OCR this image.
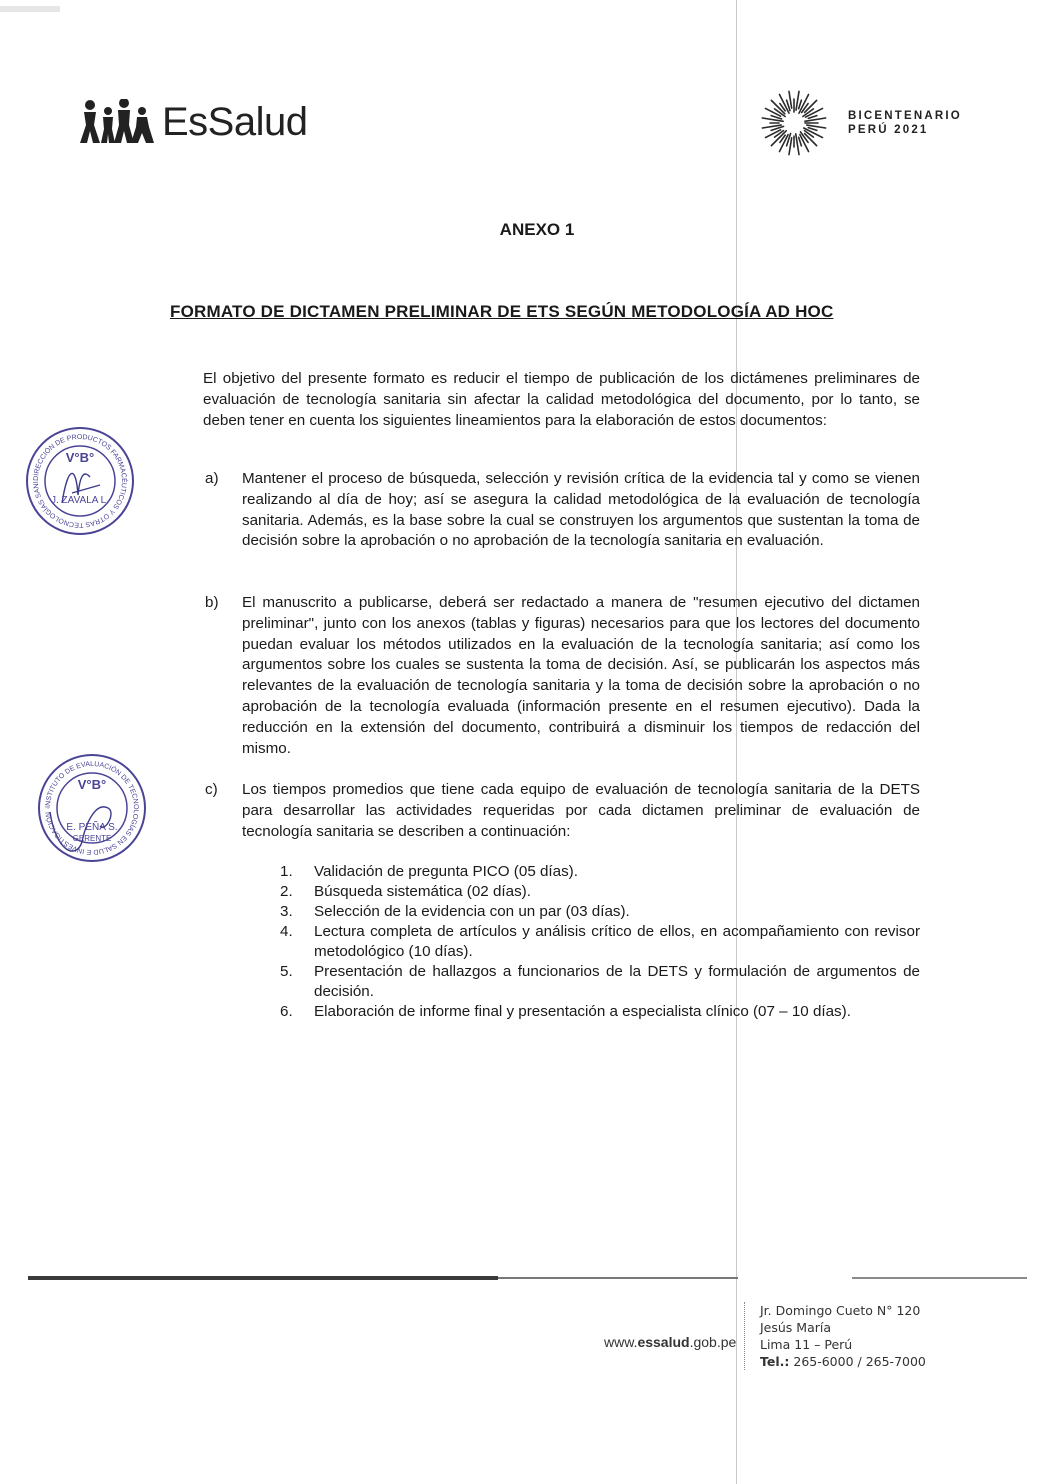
EsSalud	BICENTENARIO
PERÚ 2021
ANEXO 1
FORMATO DE DICTAMEN PRELIMINAR DE ETS SEGÚN METODOLOGÍA AD HOC
El objetivo del presente formato es reducir el tiempo de publicación de los dictámenes preliminares de evaluación de tecnología sanitaria sin afectar la calidad metodológica del documento, por lo tanto, se deben tener en cuenta los siguientes lineamientos para la elaboración de estos documentos:
a) Mantener el proceso de búsqueda, selección y revisión crítica de la evidencia tal y como se vienen realizando al día de hoy; así se asegura la calidad metodológica de la evaluación de tecnología sanitaria. Además, es la base sobre la cual se construyen los argumentos que sustentan la toma de decisión sobre la aprobación o no aprobación de la tecnología sanitaria en evaluación.
b) El manuscrito a publicarse, deberá ser redactado a manera de "resumen ejecutivo del dictamen preliminar", junto con los anexos (tablas y figuras) necesarios para que los lectores del documento puedan evaluar los métodos utilizados en la evaluación de la tecnología sanitaria; así como los argumentos sobre los cuales se sustenta la toma de decisión. Así, se publicarán los aspectos más relevantes de la evaluación de tecnología sanitaria y la toma de decisión sobre la aprobación o no aprobación de la tecnología evaluada (información presente en el resumen ejecutivo). Dada la reducción en la extensión del documento, contribuirá a disminuir los tiempos de redacción del mismo.
c) Los tiempos promedios que tiene cada equipo de evaluación de tecnología sanitaria de la DETS para desarrollar las actividades requeridas por cada dictamen preliminar de evaluación de tecnología sanitaria se describen a continuación:
1. Validación de pregunta PICO (05 días).
2. Búsqueda sistemática (02 días).
3. Selección de la evidencia con un par (03 días).
4. Lectura completa de artículos y análisis crítico de ellos, en acompañamiento con revisor metodológico (10 días).
5. Presentación de hallazgos a funcionarios de la DETS y formulación de argumentos de decisión.
6. Elaboración de informe final y presentación a especialista clínico (07 – 10 días).
DIRECCIÓN DE PRODUCTOS FARMACÉUTICOS Y OTRAS TECNOLOGÍAS SANI
V°B°
J. ZAVALA L.
INSTITUTO DE EVALUACIÓN DE TECNOLOGÍAS EN SALUD E INVESTIGACIÓN ·
V°B°
E. PEÑA S.
GERENTE
www.essalud.gob.pe
Jr. Domingo Cueto N° 120
Jesús María
Lima 11 – Perú
Tel.: 265-6000 / 265-7000
